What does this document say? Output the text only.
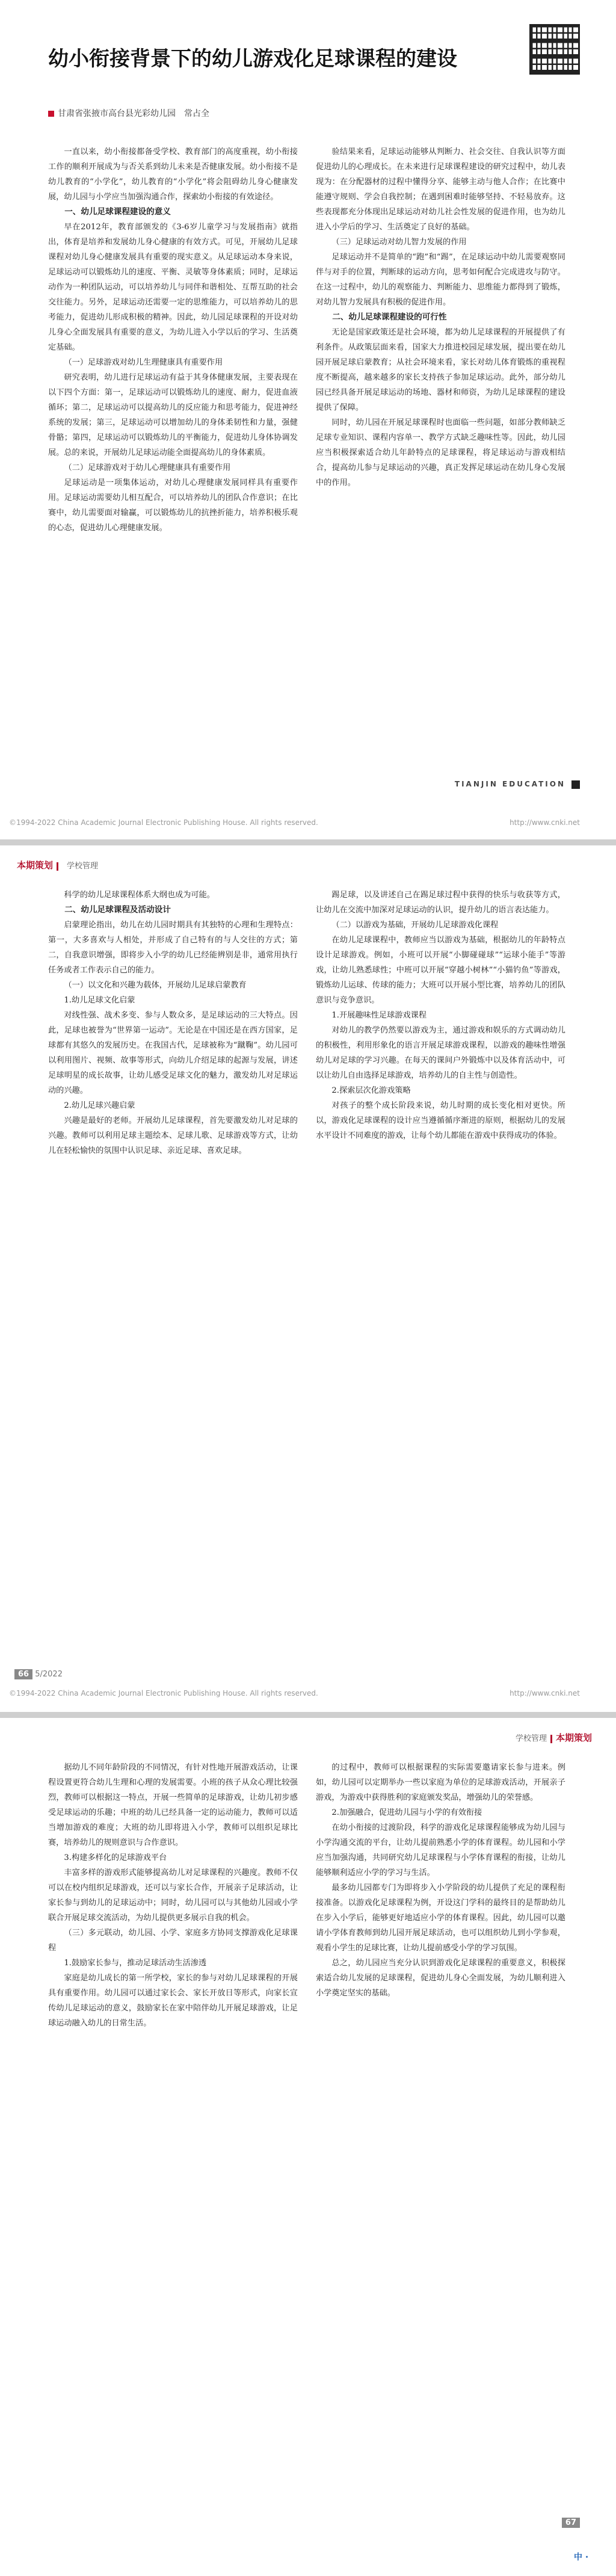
幼小衔接背景下的幼儿游戏化足球课程的建设
甘肃省张掖市高台县光彩幼儿园 常占全

一直以来，幼小衔接都备受学校、教育部门的高度重视，幼小衔接工作的顺利开展成为与否关系到幼儿未来是否健康发展。幼小衔接不是幼儿教育的“小学化”，幼儿教育的“小学化”将会阻碍幼儿身心健康发展，幼儿园与小学应当加强沟通合作，探索幼小衔接的有效途径。

一、幼儿足球课程建设的意义

早在2012年，教育部颁发的《3-6岁儿童学习与发展指南》就指出，体育是培养和发展幼儿身心健康的有效方式。可见，开展幼儿足球课程对幼儿身心健康发展具有重要的现实意义。从足球运动本身来说，足球运动可以锻炼幼儿的速度、平衡、灵敏等身体素质；同时，足球运动作为一种团队运动，可以培养幼儿与同伴和谐相处、互帮互助的社会交往能力。另外，足球运动还需要一定的思维能力，可以培养幼儿的思考能力，促进幼儿形成积极的精神。因此，幼儿园足球课程的开设对幼儿身心全面发展具有重要的意义，为幼儿进入小学以后的学习、生活奠定基础。

（一）足球游戏对幼儿生理健康具有重要作用

研究表明，幼儿进行足球运动有益于其身体健康发展，主要表现在以下四个方面：第一，足球运动可以锻炼幼儿的速度、耐力，促进血液循环；第二，足球运动可以提高幼儿的反应能力和思考能力，促进神经系统的发展；第三，足球运动可以增加幼儿的身体柔韧性和力量，强健骨骼；第四，足球运动可以锻炼幼儿的平衡能力，促进幼儿身体协调发展。总的来说，开展幼儿足球运动能全面提高幼儿的身体素质。

（二）足球游戏对于幼儿心理健康具有重要作用

足球运动是一项集体运动，对幼儿心理健康发展同样具有重要作用。足球运动需要幼儿相互配合，可以培养幼儿的团队合作意识；在比赛中，幼儿需要面对输赢，可以锻炼幼儿的抗挫折能力，培养积极乐观的心态，促进幼儿心理健康发展。

验结果来看，足球运动能够从判断力、社会交往、自我认识等方面促进幼儿的心理成长。在未来进行足球课程建设的研究过程中，幼儿表现为：在分配器材的过程中懂得分享、能够主动与他人合作；在比赛中能遵守规则、学会自我控制；在遇到困难时能够坚持、不轻易放弃。这些表现都充分体现出足球运动对幼儿社会性发展的促进作用，也为幼儿进入小学后的学习、生活奠定了良好的基础。

（三）足球运动对幼儿智力发展的作用

足球运动并不是简单的“跑”和“踢”，在足球运动中幼儿需要观察同伴与对手的位置，判断球的运动方向，思考如何配合完成进攻与防守。在这一过程中，幼儿的观察能力、判断能力、思维能力都得到了锻炼，对幼儿智力发展具有积极的促进作用。

二、幼儿足球课程建设的可行性

无论是国家政策还是社会环境，都为幼儿足球课程的开展提供了有利条件。从政策层面来看，国家大力推进校园足球发展，提出要在幼儿园开展足球启蒙教育；从社会环境来看，家长对幼儿体育锻炼的重视程度不断提高，越来越多的家长支持孩子参加足球运动。此外，部分幼儿园已经具备开展足球运动的场地、器材和师资，为幼儿足球课程的建设提供了保障。

同时，幼儿园在开展足球课程时也面临一些问题，如部分教师缺乏足球专业知识、课程内容单一、教学方式缺乏趣味性等。因此，幼儿园应当积极探索适合幼儿年龄特点的足球课程，将足球运动与游戏相结合，提高幼儿参与足球运动的兴趣，真正发挥足球运动在幼儿身心发展中的作用。

TIANJIN EDUCATION
©1994-2022 China Academic Journal Electronic Publishing House. All rights reserved.	http://www.cnki.net
本期策划 学校管理

科学的幼儿足球课程体系大纲也成为可能。

二、幼儿足球课程及活动设计

启蒙理论指出，幼儿在幼儿园时期具有其独特的心理和生理特点：第一，大多喜欢与人相处，并形成了自己特有的与人交往的方式；第二，自我意识增强，即将步入小学的幼儿已经能辨别是非，通常用执行任务或者工作表示自己的能力。

（一）以文化和兴趣为载体，开展幼儿足球启蒙教育

1.幼儿足球文化启蒙

对线性强、战术多变、参与人数众多，是足球运动的三大特点。因此，足球也被誉为“世界第一运动”。无论是在中国还是在西方国家，足球都有其悠久的发展历史。在我国古代，足球被称为“蹴鞠”。幼儿园可以利用图片、视频、故事等形式，向幼儿介绍足球的起源与发展，讲述足球明星的成长故事，让幼儿感受足球文化的魅力，激发幼儿对足球运动的兴趣。

2.幼儿足球兴趣启蒙

兴趣是最好的老师。开展幼儿足球课程，首先要激发幼儿对足球的兴趣。教师可以利用足球主题绘本、足球儿歌、足球游戏等方式，让幼儿在轻松愉快的氛围中认识足球、亲近足球、喜欢足球。

踢足球，以及讲述自己在踢足球过程中获得的快乐与收获等方式，让幼儿在交流中加深对足球运动的认识，提升幼儿的语言表达能力。

（二）以游戏为基础，开展幼儿足球游戏化课程

在幼儿足球课程中，教师应当以游戏为基础，根据幼儿的年龄特点设计足球游戏。例如，小班可以开展“小脚碰碰球”“运球小能手”等游戏，让幼儿熟悉球性；中班可以开展“穿越小树林”“小猫钓鱼”等游戏，锻炼幼儿运球、传球的能力；大班可以开展小型比赛，培养幼儿的团队意识与竞争意识。

1.开展趣味性足球游戏课程

对幼儿的教学仍然要以游戏为主，通过游戏和娱乐的方式调动幼儿的积极性，利用形象化的语言开展足球游戏课程，以游戏的趣味性增强幼儿对足球的学习兴趣。在每天的课间户外锻炼中以及体育活动中，可以让幼儿自由选择足球游戏，培养幼儿的自主性与创造性。

2.探索层次化游戏策略

对孩子的整个成长阶段来说，幼儿时期的成长变化相对更快。所以，游戏化足球课程的设计应当遵循循序渐进的原则，根据幼儿的发展水平设计不同难度的游戏，让每个幼儿都能在游戏中获得成功的体验。

66 5/2022
©1994-2022 China Academic Journal Electronic Publishing House. All rights reserved.	http://www.cnki.net
学校管理 本期策划

据幼儿不同年龄阶段的不同情况，有针对性地开展游戏活动，让课程设置更符合幼儿生理和心理的发展需要。小班的孩子从众心理比较强烈，教师可以根据这一特点，开展一些简单的足球游戏，让幼儿初步感受足球运动的乐趣；中班的幼儿已经具备一定的运动能力，教师可以适当增加游戏的难度；大班的幼儿即将进入小学，教师可以组织足球比赛，培养幼儿的规则意识与合作意识。

3.构建多样化的足球游戏平台

丰富多样的游戏形式能够提高幼儿对足球课程的兴趣度。教师不仅可以在校内组织足球游戏，还可以与家长合作，开展亲子足球活动，让家长参与到幼儿的足球运动中；同时，幼儿园可以与其他幼儿园或小学联合开展足球交流活动，为幼儿提供更多展示自我的机会。

（三）多元联动，幼儿园、小学、家庭多方协同支撑游戏化足球课程

1.鼓励家长参与，推动足球活动生活渗透

家庭是幼儿成长的第一所学校，家长的参与对幼儿足球课程的开展具有重要作用。幼儿园可以通过家长会、家长开放日等形式，向家长宣传幼儿足球运动的意义，鼓励家长在家中陪伴幼儿开展足球游戏，让足球运动融入幼儿的日常生活。

的过程中，教师可以根据课程的实际需要邀请家长参与进来。例如，幼儿园可以定期举办一些以家庭为单位的足球游戏活动，开展亲子游戏，为游戏中获得胜利的家庭颁发奖品，增强幼儿的荣誉感。

2.加强融合，促进幼儿园与小学的有效衔接

在幼小衔接的过渡阶段，科学的游戏化足球课程能够成为幼儿园与小学沟通交流的平台，让幼儿提前熟悉小学的体育课程。幼儿园和小学应当加强沟通，共同研究幼儿足球课程与小学体育课程的衔接，让幼儿能够顺利适应小学的学习与生活。

最多幼儿园都专门为即将步入小学阶段的幼儿提供了充足的课程衔接准备。以游戏化足球课程为例，开设这门学科的最终目的是帮助幼儿在步入小学后，能够更好地适应小学的体育课程。因此，幼儿园可以邀请小学体育教师到幼儿园开展足球活动，也可以组织幼儿到小学参观，观看小学生的足球比赛，让幼儿提前感受小学的学习氛围。

总之，幼儿园应当充分认识到游戏化足球课程的重要意义，积极探索适合幼儿发展的足球课程，促进幼儿身心全面发展，为幼儿顺利进入小学奠定坚实的基础。

67
中 ·
